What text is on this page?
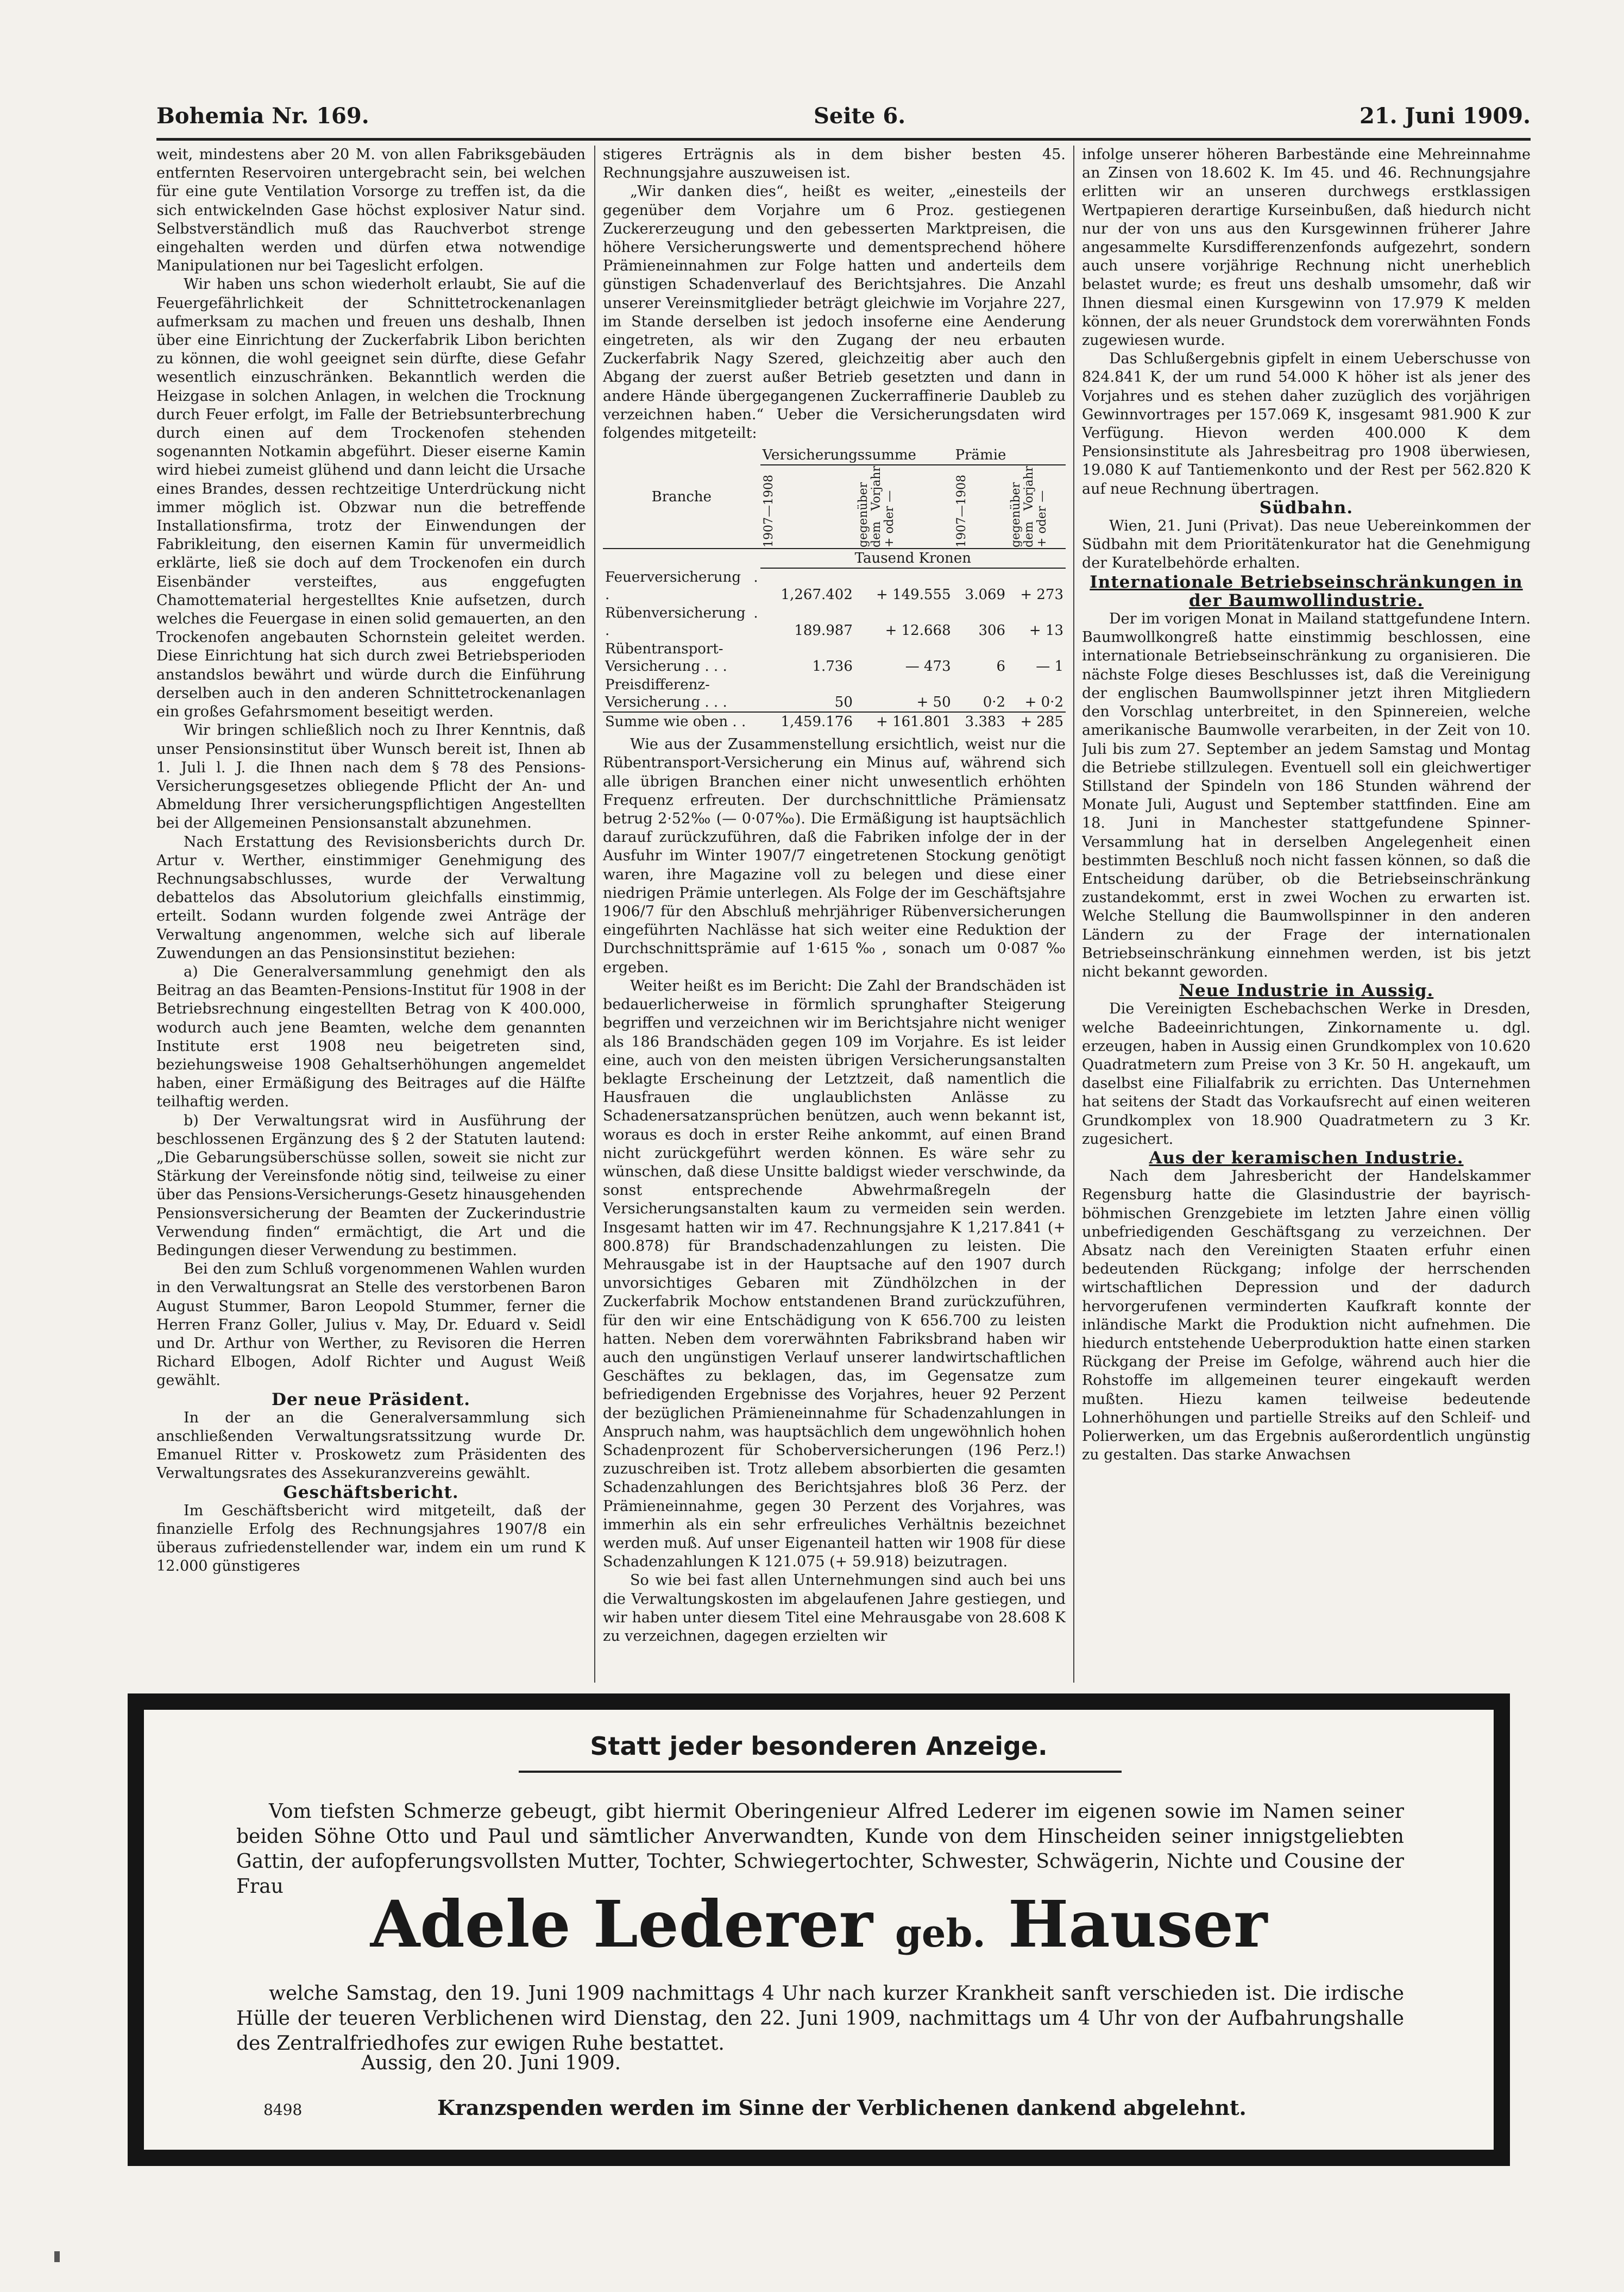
Bohemia Nr. 169.	Seite 6.	21. Juni 1909.

weit, mindestens aber 20 M. von allen Fabriksgebäuden entfernten Reservoiren untergebracht sein, bei welchen für eine gute Ventilation Vorsorge zu treffen ist, da die sich entwickelnden Gase höchst explosiver Natur sind. Selbstverständlich muß das Rauchverbot strenge eingehalten werden und dürfen etwa notwendige Manipulationen nur bei Tageslicht erfolgen.

Wir haben uns schon wiederholt erlaubt, Sie auf die Feuergefährlichkeit der Schnittetrockenanlagen aufmerksam zu machen und freuen uns deshalb, Ihnen über eine Einrichtung der Zuckerfabrik Libon berichten zu können, die wohl geeignet sein dürfte, diese Gefahr wesentlich einzuschränken. Bekanntlich werden die Heizgase in solchen Anlagen, in welchen die Trocknung durch Feuer erfolgt, im Falle der Betriebsunterbrechung durch einen auf dem Trockenofen stehenden sogenannten Notkamin abgeführt. Dieser eiserne Kamin wird hiebei zumeist glühend und dann leicht die Ursache eines Brandes, dessen rechtzeitige Unterdrückung nicht immer möglich ist. Obzwar nun die betreffende Installationsfirma, trotz der Einwendungen der Fabrikleitung, den eisernen Kamin für unvermeidlich erklärte, ließ sie doch auf dem Trockenofen ein durch Eisenbänder versteiftes, aus enggefugten Chamottematerial hergestelltes Knie aufsetzen, durch welches die Feuergase in einen solid gemauerten, an den Trockenofen angebauten Schornstein geleitet werden. Diese Einrichtung hat sich durch zwei Betriebsperioden anstandslos bewährt und würde durch die Einführung derselben auch in den anderen Schnittetrockenanlagen ein großes Gefahrsmoment beseitigt werden.

Wir bringen schließlich noch zu Ihrer Kenntnis, daß unser Pensionsinstitut über Wunsch bereit ist, Ihnen ab 1. Juli l. J. die Ihnen nach dem § 78 des Pensions-Versicherungsgesetzes obliegende Pflicht der An- und Abmeldung Ihrer versicherungspflichtigen Angestellten bei der Allgemeinen Pensionsanstalt abzunehmen.

Nach Erstattung des Revisionsberichts durch Dr. Artur v. Werther, einstimmiger Genehmigung des Rechnungsabschlusses, wurde der Verwaltung debattelos das Absolutorium gleichfalls einstimmig, erteilt. Sodann wurden folgende zwei Anträge der Verwaltung angenommen, welche sich auf liberale Zuwendungen an das Pensionsinstitut beziehen:

a) Die Generalversammlung genehmigt den als Beitrag an das Beamten-Pensions-Institut für 1908 in der Betriebsrechnung eingestellten Betrag von K 400.000, wodurch auch jene Beamten, welche dem genannten Institute erst 1908 neu beigetreten sind, beziehungsweise 1908 Gehaltserhöhungen angemeldet haben, einer Ermäßigung des Beitrages auf die Hälfte teilhaftig werden.

b) Der Verwaltungsrat wird in Ausführung der beschlossenen Ergänzung des § 2 der Statuten lautend: „Die Gebarungsüberschüsse sollen, soweit sie nicht zur Stärkung der Vereinsfonde nötig sind, teilweise zu einer über das Pensions-Versicherungs-Gesetz hinausgehenden Pensionsversicherung der Beamten der Zuckerindustrie Verwendung finden“ ermächtigt, die Art und die Bedingungen dieser Verwendung zu bestimmen.

Bei den zum Schluß vorgenommenen Wahlen wurden in den Verwaltungsrat an Stelle des verstorbenen Baron August Stummer, Baron Leopold Stummer, ferner die Herren Franz Goller, Julius v. May, Dr. Eduard v. Seidl und Dr. Arthur von Werther, zu Revisoren die Herren Richard Elbogen, Adolf Richter und August Weiß gewählt.

Der neue Präsident.

In der an die Generalversammlung sich anschließenden Verwaltungsratssitzung wurde Dr. Emanuel Ritter v. Proskowetz zum Präsidenten des Verwaltungsrates des Assekuranzvereins gewählt.

Geschäftsbericht.

Im Geschäftsbericht wird mitgeteilt, daß der finanzielle Erfolg des Rechnungsjahres 1907/8 ein überaus zufriedenstellender war, indem ein um rund K 12.000 günstigeres

stigeres Erträgnis als in dem bisher besten 45. Rechnungsjahre auszuweisen ist.

„Wir danken dies“, heißt es weiter, „einesteils der gegenüber dem Vorjahre um 6 Proz. gestiegenen Zuckererzeugung und den gebesserten Marktpreisen, die höhere Versicherungswerte und dementsprechend höhere Prämieneinnahmen zur Folge hatten und anderteils dem günstigen Schadenverlauf des Berichtsjahres. Die Anzahl unserer Vereinsmitglieder beträgt gleichwie im Vorjahre 227, im Stande derselben ist jedoch insoferne eine Aenderung eingetreten, als wir den Zugang der neu erbauten Zuckerfabrik Nagy Szered, gleichzeitig aber auch den Abgang der zuerst außer Betrieb gesetzten und dann in andere Hände übergegangenen Zuckerraffinerie Daubleb zu verzeichnen haben.“ Ueber die Versicherungsdaten wird folgendes mitgeteilt:

Branche	Versicherungssumme		Prämie	

	1907—1908	gegenüber dem Vorjahr + oder —	1907—1908	gegenüber dem Vorjahr + oder —

	Tausend Kronen			
Feuerversicherung . .	1,267.402	+ 149.555	3.069	+ 273
Rübenversicherung . .	189.987	+ 12.668	306	+ 13
Rübentransport-Versicherung . . .	1.736	— 473	6	— 1
Preisdifferenz-Versicherung . . .	50	+ 50	0·2	+ 0·2
Summe wie oben . .	1,459.176	+ 161.801	3.383	+ 285

Wie aus der Zusammenstellung ersichtlich, weist nur die Rübentransport-Versicherung ein Minus auf, während sich alle übrigen Branchen einer nicht unwesentlich erhöhten Frequenz erfreuten. Der durchschnittliche Prämiensatz betrug 2·52‰ (— 0·07‰). Die Ermäßigung ist hauptsächlich darauf zurückzuführen, daß die Fabriken infolge der in der Ausfuhr im Winter 1907/7 eingetretenen Stockung genötigt waren, ihre Magazine voll zu belegen und diese einer niedrigen Prämie unterlegen. Als Folge der im Geschäftsjahre 1906/7 für den Abschluß mehrjähriger Rübenversicherungen eingeführten Nachlässe hat sich weiter eine Reduktion der Durchschnittsprämie auf 1·615‰, sonach um 0·087‰ ergeben.

Weiter heißt es im Bericht: Die Zahl der Brandschäden ist bedauerlicherweise in förmlich sprunghafter Steigerung begriffen und verzeichnen wir im Berichtsjahre nicht weniger als 186 Brandschäden gegen 109 im Vorjahre. Es ist leider eine, auch von den meisten übrigen Versicherungsanstalten beklagte Erscheinung der Letztzeit, daß namentlich die Hausfrauen die unglaublichsten Anlässe zu Schadenersatzansprüchen benützen, auch wenn bekannt ist, woraus es doch in erster Reihe ankommt, auf einen Brand nicht zurückgeführt werden können. Es wäre sehr zu wünschen, daß diese Unsitte baldigst wieder verschwinde, da sonst entsprechende Abwehrmaßregeln der Versicherungsanstalten kaum zu vermeiden sein werden. Insgesamt hatten wir im 47. Rechnungsjahre K 1,217.841 (+ 800.878) für Brandschadenzahlungen zu leisten. Die Mehrausgabe ist in der Hauptsache auf den 1907 durch unvorsichtiges Gebaren mit Zündhölzchen in der Zuckerfabrik Mochow entstandenen Brand zurückzuführen, für den wir eine Entschädigung von K 656.700 zu leisten hatten. Neben dem vorerwähnten Fabriksbrand haben wir auch den ungünstigen Verlauf unserer landwirtschaftlichen Geschäftes zu beklagen, das, im Gegensatze zum befriedigenden Ergebnisse des Vorjahres, heuer 92 Perzent der bezüglichen Prämieneinnahme für Schadenzahlungen in Anspruch nahm, was hauptsächlich dem ungewöhnlich hohen Schadenprozent für Schoberversicherungen (196 Perz.!) zuzuschreiben ist. Trotz allebem absorbierten die gesamten Schadenzahlungen des Berichtsjahres bloß 36 Perz. der Prämieneinnahme, gegen 30 Perzent des Vorjahres, was immerhin als ein sehr erfreuliches Verhältnis bezeichnet werden muß. Auf unser Eigenanteil hatten wir 1908 für diese Schadenzahlungen K 121.075 (+ 59.918) beizutragen.

So wie bei fast allen Unternehmungen sind auch bei uns die Verwaltungskosten im abgelaufenen Jahre gestiegen, und wir haben unter diesem Titel eine Mehrausgabe von 28.608 K zu verzeichnen, dagegen erzielten wir

infolge unserer höheren Barbestände eine Mehreinnahme an Zinsen von 18.602 K. Im 45. und 46. Rechnungsjahre erlitten wir an unseren durchwegs erstklassigen Wertpapieren derartige Kurseinbußen, daß hiedurch nicht nur der von uns aus den Kursgewinnen früherer Jahre angesammelte Kursdifferenzenfonds aufgezehrt, sondern auch unsere vorjährige Rechnung nicht unerheblich belastet wurde; es freut uns deshalb umsomehr, daß wir Ihnen diesmal einen Kursgewinn von 17.979 K melden können, der als neuer Grundstock dem vorerwähnten Fonds zugewiesen wurde.

Das Schlußergebnis gipfelt in einem Ueberschusse von 824.841 K, der um rund 54.000 K höher ist als jener des Vorjahres und es stehen daher zuzüglich des vorjährigen Gewinnvortrages per 157.069 K, insgesamt 981.900 K zur Verfügung. Hievon werden 400.000 K dem Pensionsinstitute als Jahresbeitrag pro 1908 überwiesen, 19.080 K auf Tantiemenkonto und der Rest per 562.820 K auf neue Rechnung übertragen.

Südbahn.

Wien, 21. Juni (Privat). Das neue Uebereinkommen der Südbahn mit dem Prioritätenkurator hat die Genehmigung der Kuratelbehörde erhalten.

Internationale Betriebseinschränkungen in der Baumwollindustrie.

Der im vorigen Monat in Mailand stattgefundene Intern. Baumwollkongreß hatte einstimmig beschlossen, eine internationale Betriebseinschränkung zu organisieren. Die nächste Folge dieses Beschlusses ist, daß die Vereinigung der englischen Baumwollspinner jetzt ihren Mitgliedern den Vorschlag unterbreitet, in den Spinnereien, welche amerikanische Baumwolle verarbeiten, in der Zeit von 10. Juli bis zum 27. September an jedem Samstag und Montag die Betriebe stillzulegen. Eventuell soll ein gleichwertiger Stillstand der Spindeln von 186 Stunden während der Monate Juli, August und September stattfinden. Eine am 18. Juni in Manchester stattgefundene Spinner-Versammlung hat in derselben Angelegenheit einen bestimmten Beschluß noch nicht fassen können, so daß die Entscheidung darüber, ob die Betriebseinschränkung zustandekommt, erst in zwei Wochen zu erwarten ist. Welche Stellung die Baumwollspinner in den anderen Ländern zu der Frage der internationalen Betriebseinschränkung einnehmen werden, ist bis jetzt nicht bekannt geworden.

Neue Industrie in Aussig.

Die Vereinigten Eschebachschen Werke in Dresden, welche Badeeinrichtungen, Zinkornamente u. dgl. erzeugen, haben in Aussig einen Grundkomplex von 10.620 Quadratmetern zum Preise von 3 Kr. 50 H. angekauft, um daselbst eine Filialfabrik zu errichten. Das Unternehmen hat seitens der Stadt das Vorkaufsrecht auf einen weiteren Grundkomplex von 18.900 Quadratmetern zu 3 Kr. zugesichert.

Aus der keramischen Industrie.

Nach dem Jahresbericht der Handelskammer Regensburg hatte die Glasindustrie der bayrisch-böhmischen Grenzgebiete im letzten Jahre einen völlig unbefriedigenden Geschäftsgang zu verzeichnen. Der Absatz nach den Vereinigten Staaten erfuhr einen bedeutenden Rückgang; infolge der herrschenden wirtschaftlichen Depression und der dadurch hervorgerufenen verminderten Kaufkraft konnte der inländische Markt die Produktion nicht aufnehmen. Die hiedurch entstehende Ueberproduktion hatte einen starken Rückgang der Preise im Gefolge, während auch hier die Rohstoffe im allgemeinen teurer eingekauft werden mußten. Hiezu kamen teilweise bedeutende Lohnerhöhungen und partielle Streiks auf den Schleif- und Polierwerken, um das Ergebnis außerordentlich ungünstig zu gestalten. Das starke Anwachsen

Statt jeder besonderen Anzeige.
Vom tiefsten Schmerze gebeugt, gibt hiermit Oberingenieur Alfred Lederer im eigenen sowie im Namen seiner beiden Söhne Otto und Paul und sämtlicher Anverwandten, Kunde von dem Hinscheiden seiner innigstgeliebten Gattin, der aufopferungsvollsten Mutter, Tochter, Schwiegertochter, Schwester, Schwägerin, Nichte und Cousine der Frau	Adele Lederer geb. Hauser
welche Samstag, den 19. Juni 1909 nachmittags 4 Uhr nach kurzer Krankheit sanft verschieden ist. Die irdische Hülle der teueren Verblichenen wird Dienstag, den 22. Juni 1909, nachmittags um 4 Uhr von der Aufbahrungshalle des Zentralfriedhofes zur ewigen Ruhe bestattet.
Aussig, den 20. Juni 1909.
8498	Kranzspenden werden im Sinne der Verblichenen dankend abgelehnt.
